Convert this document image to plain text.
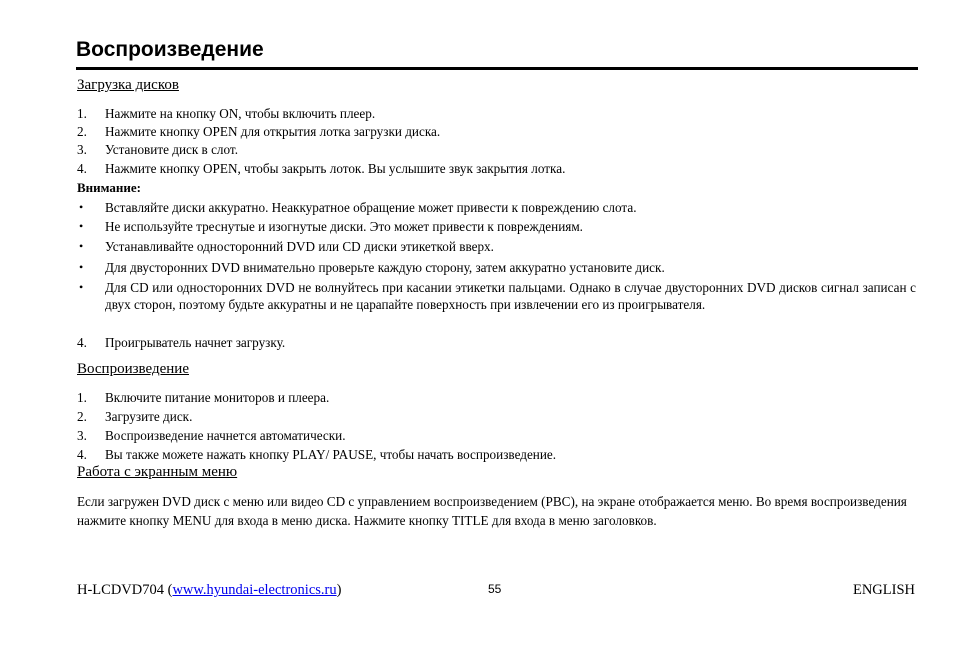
Воспроизведение
Загрузка дисков
1. Нажмите на кнопку ON, чтобы включить плеер.
2. Нажмите кнопку OPEN для открытия лотка загрузки диска.
3. Установите диск в слот.
4. Нажмите кнопку OPEN, чтобы закрыть лоток. Вы услышите звук закрытия лотка.
Внимание:
• Вставляйте диски аккуратно. Неаккуратное обращение может привести к повреждению слота.
• Не используйте треснутые и изогнутые диски. Это может привести к повреждениям.
• Устанавливайте односторонний DVD или CD диски этикеткой вверх.
• Для двусторонних DVD внимательно проверьте каждую сторону, затем аккуратно установите диск.
• Для CD или односторонних DVD не волнуйтесь при касании этикетки пальцами. Однако в случае двусторонних DVD дисков сигнал записан с двух сторон, поэтому будьте аккуратны и не царапайте поверхность при извлечении его из проигрывателя.
4. Проигрыватель начнет загрузку.
Воспроизведение
1. Включите питание мониторов и плеера.
2. Загрузите диск.
3. Воспроизведение начнется автоматически.
4. Вы также можете нажать кнопку PLAY/ PAUSE, чтобы начать воспроизведение.
Работа с экранным меню
Если загружен DVD диск с меню или видео CD с управлением воспроизведением (PBC), на экране отображается меню. Во время воспроизведения нажмите кнопку MENU для входа в меню диска. Нажмите кнопку TITLE для входа в меню заголовков.
H-LCDVD704 (www.hyundai-electronics.ru)	55	ENGLISH
